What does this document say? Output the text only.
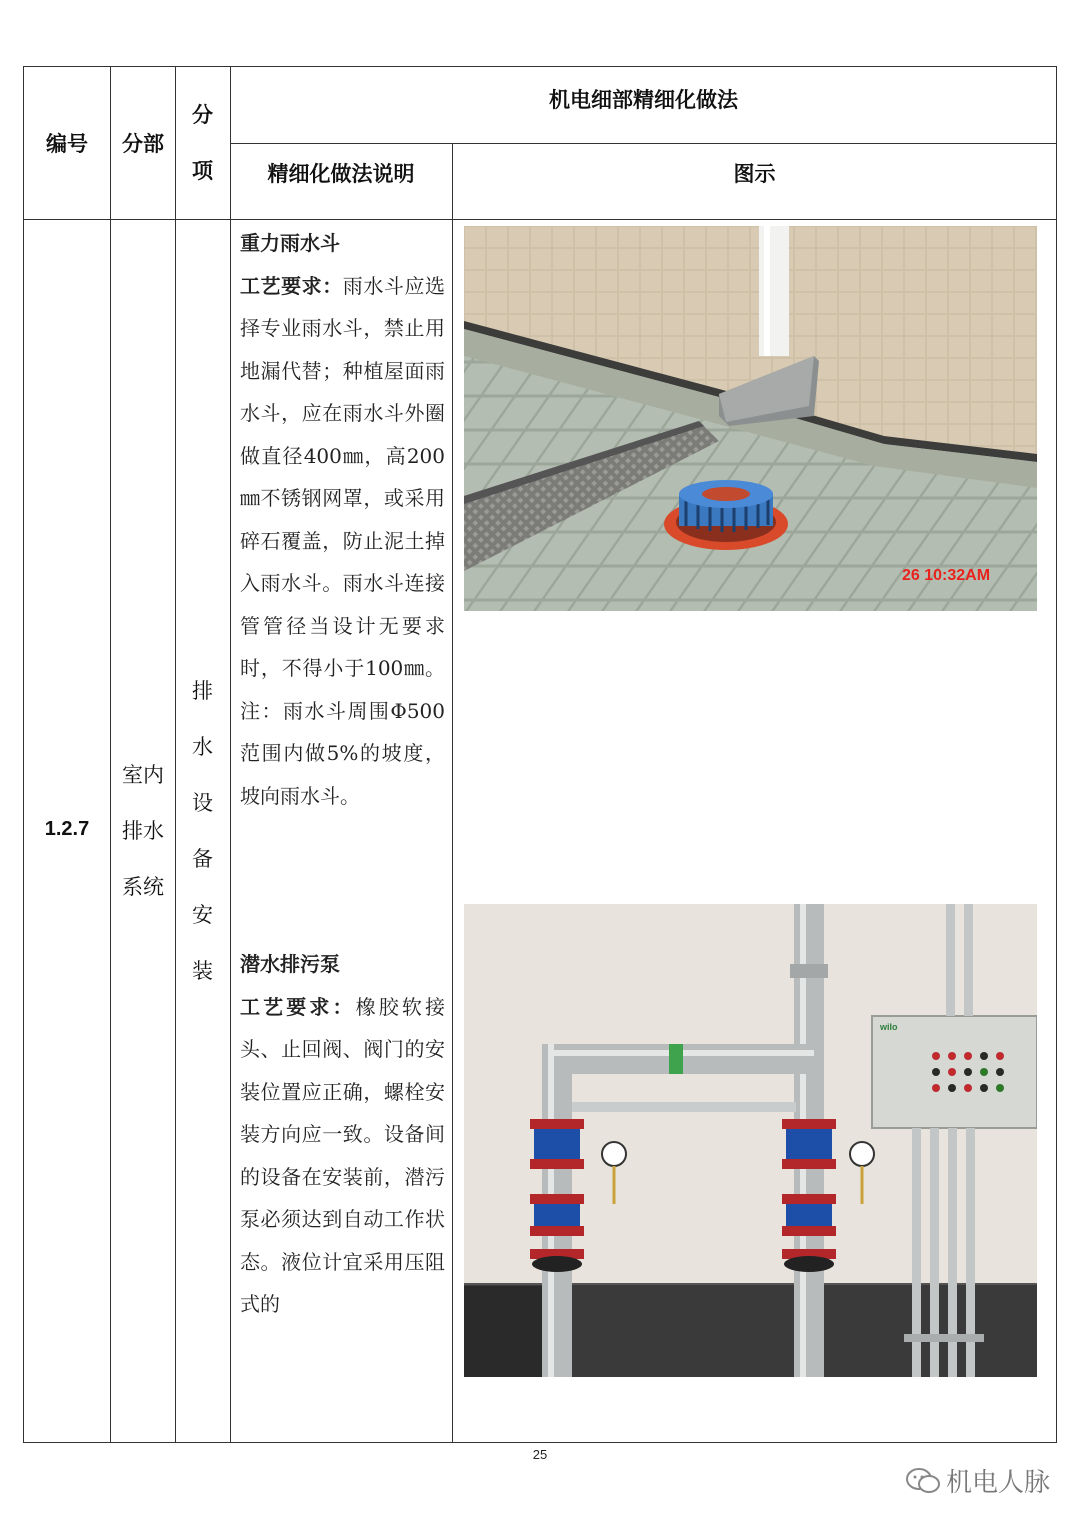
编号	分部
分
项
机电细部精细化做法
精细化做法说明	图示
1.2.7
室内
排水
系统
排
水
设
备
安
装
重力雨水斗
工艺要求：雨水斗应选择专业雨水斗，禁止用地漏代替；种植屋面雨水斗，应在雨水斗外圈做直径400㎜，高200㎜不锈钢网罩，或采用碎石覆盖，防止泥土掉入雨水斗。雨水斗连接管管径当设计无要求时，不得小于100㎜。注：雨水斗周围Φ500范围内做5%的坡度，坡向雨水斗。
潜水排污泵
工艺要求：橡胶软接头、止回阀、阀门的安装位置应正确，螺栓安装方向应一致。设备间的设备在安装前，潜污泵必须达到自动工作状态。液位计宜采用压阻式的
26 10:32AM
wilo
25
机电人脉
